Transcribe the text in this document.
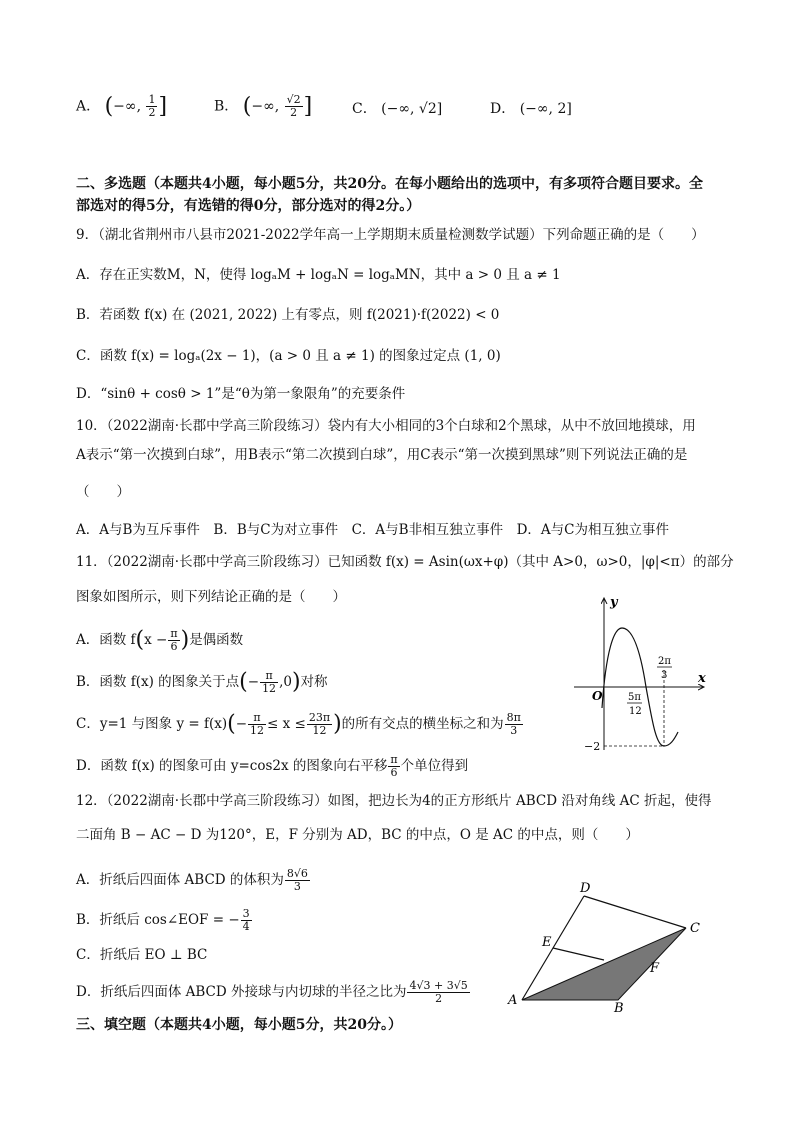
A． (−∞, $\frac{1}{2}$ ]	B． (−∞, $\frac{√2}{2}$ ]	C． (−∞, √2]	D． (−∞, 2]
二、多选题（本题共4小题，每小题5分，共20分。在每小题给出的选项中，有多项符合题目要求。全
部选对的得5分，有选错的得0分，部分选对的得2分。）
9．（湖北省荆州市八县市2021-2022学年高一上学期期末质量检测数学试题）下列命题正确的是（　　）
A．存在正实数M，N，使得 logₐM + logₐN = logₐMN，其中 a > 0 且 a ≠ 1
B．若函数 f(x) 在 (2021, 2022) 上有零点，则 f(2021)·f(2022) < 0
C．函数 f(x) = logₐ(2x − 1)，(a > 0 且 a ≠ 1) 的图象过定点 (1, 0)
D．“sinθ + cosθ > 1”是“θ为第一象限角”的充要条件
10．（2022湖南·长郡中学高三阶段练习）袋内有大小相同的3个白球和2个黑球，从中不放回地摸球，用
A表示“第一次摸到白球”，用B表示“第二次摸到白球”，用C表示“第一次摸到黑球”则下列说法正确的是
（　　）
A．A与B为互斥事件　B．B与C为对立事件　C．A与B非相互独立事件　D．A与C为相互独立事件
11．（2022湖南·长郡中学高三阶段练习）已知函数 f(x) = Asin(ωx+φ)（其中 A>0，ω>0，|φ|<π）的部分
图象如图所示，则下列结论正确的是（　　）
A．函数 $f(x - \frac{\pi}{6}$ )是偶函数
B．函数 f(x) 的图象关于点(− $\frac{\pi}{12} ,0$)对称
C．y=1 与图象 $y = f(x)(- \frac{\pi}{12} \le x \le \frac{23\pi}{12}$ )的所有交点的横坐标之和为 $\frac{8\pi}{3}$
D．函数 f(x) 的图象可由 y=cos2x 的图象向右平移 $\frac{\pi}{6}$ 个单位得到
y
x
O
−2
5π
12
2π
3
12．（2022湖南·长郡中学高三阶段练习）如图，把边长为4的正方形纸片 ABCD 沿对角线 AC 折起，使得
二面角 B − AC − D 为120°，E，F 分别为 AD，BC 的中点，O 是 AC 的中点，则（　　）
A．折纸后四面体 ABCD 的体积为 $\frac{8√6}{3}$
B．折纸后 cos∠EOF = − $\frac{3}{4}$
C．折纸后 EO ⊥ BC
D．折纸后四面体 ABCD 外接球与内切球的半径之比为 $\frac{4√3 + 3√5}{2}$
D
C
E
F
A
B
三、填空题（本题共4小题，每小题5分，共20分。）
